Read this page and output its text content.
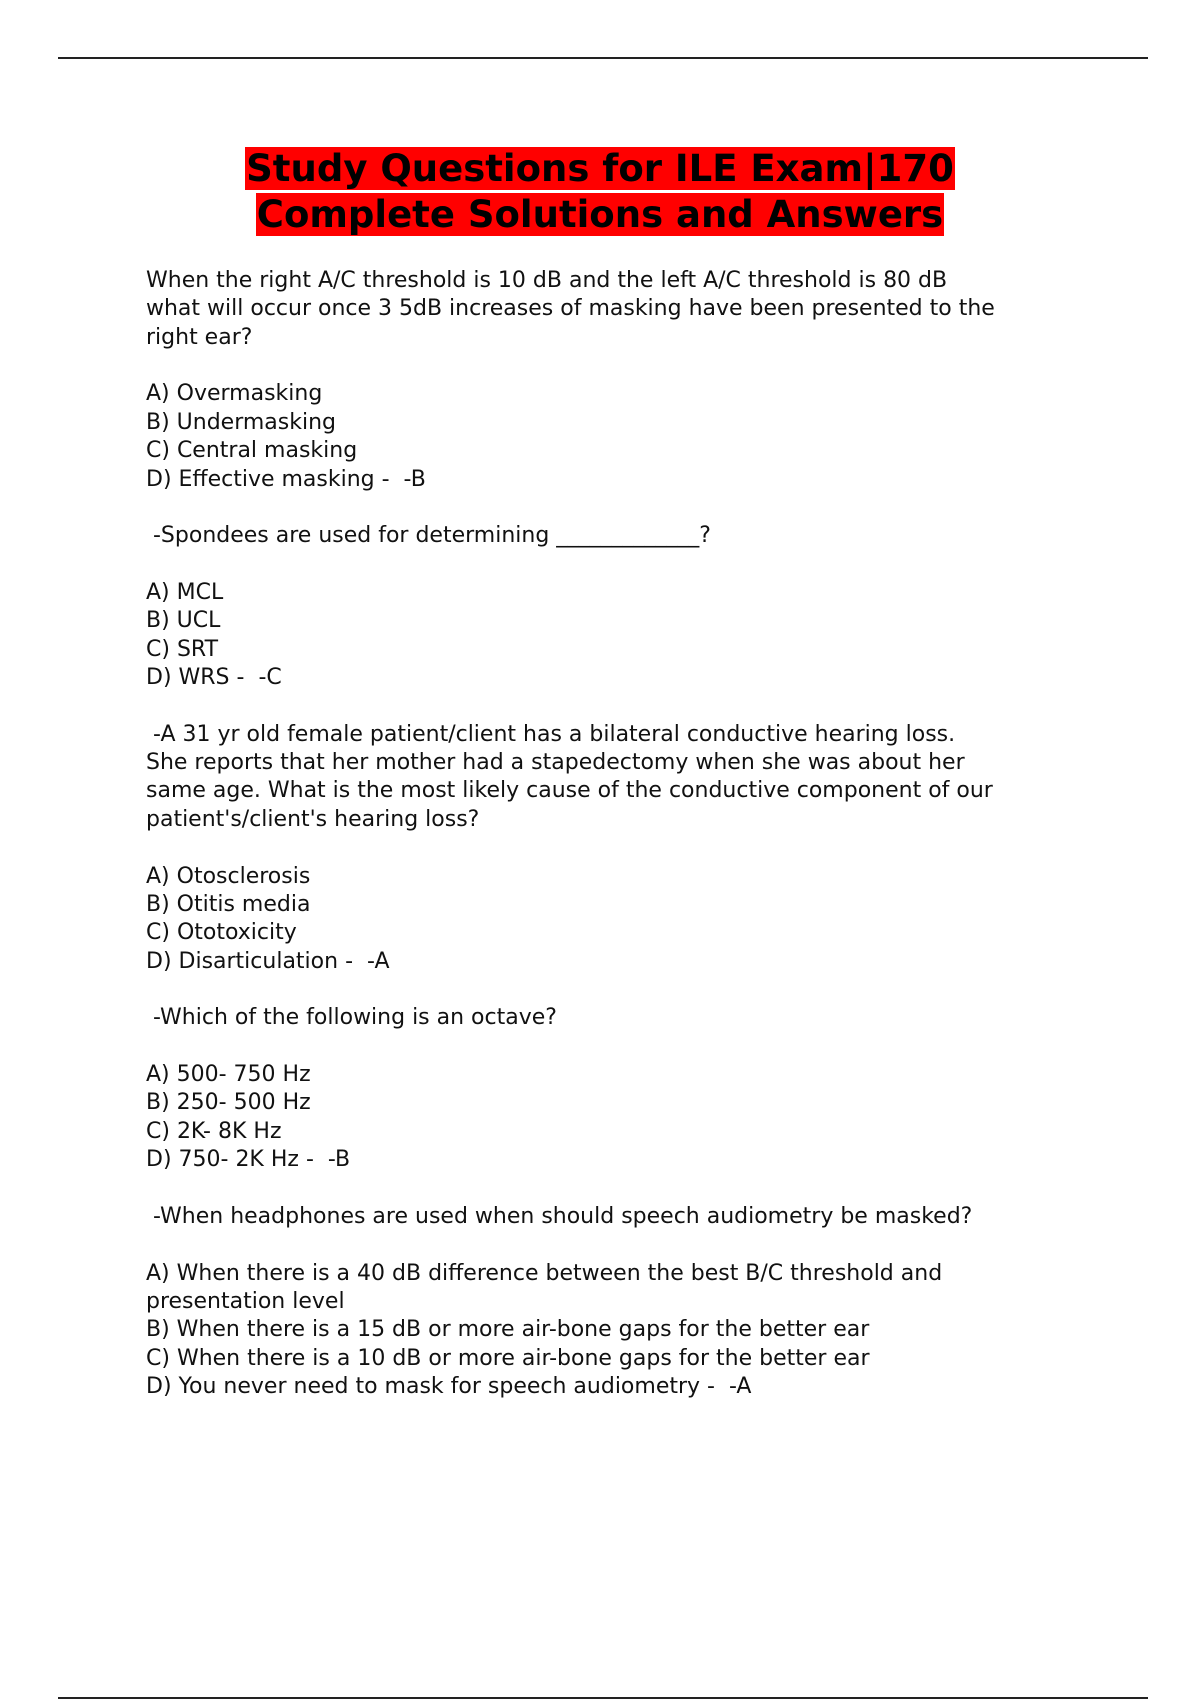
Study Questions for ILE Exam|170
Complete Solutions and Answers
When the right A/C threshold is 10 dB and the left A/C threshold is 80 dB
what will occur once 3 5dB increases of masking have been presented to the
right ear?
A) Overmasking
B) Undermasking
C) Central masking
D) Effective masking -  -B
-Spondees are used for determining _____________?
A) MCL
B) UCL
C) SRT
D) WRS -  -C
-A 31 yr old female patient/client has a bilateral conductive hearing loss.
She reports that her mother had a stapedectomy when she was about her
same age. What is the most likely cause of the conductive component of our
patient's/client's hearing loss?
A) Otosclerosis
B) Otitis media
C) Ototoxicity
D) Disarticulation -  -A
-Which of the following is an octave?
A) 500- 750 Hz
B) 250- 500 Hz
C) 2K- 8K Hz
D) 750- 2K Hz -  -B
-When headphones are used when should speech audiometry be masked?
A) When there is a 40 dB difference between the best B/C threshold and
presentation level
B) When there is a 15 dB or more air-bone gaps for the better ear
C) When there is a 10 dB or more air-bone gaps for the better ear
D) You never need to mask for speech audiometry -  -A
